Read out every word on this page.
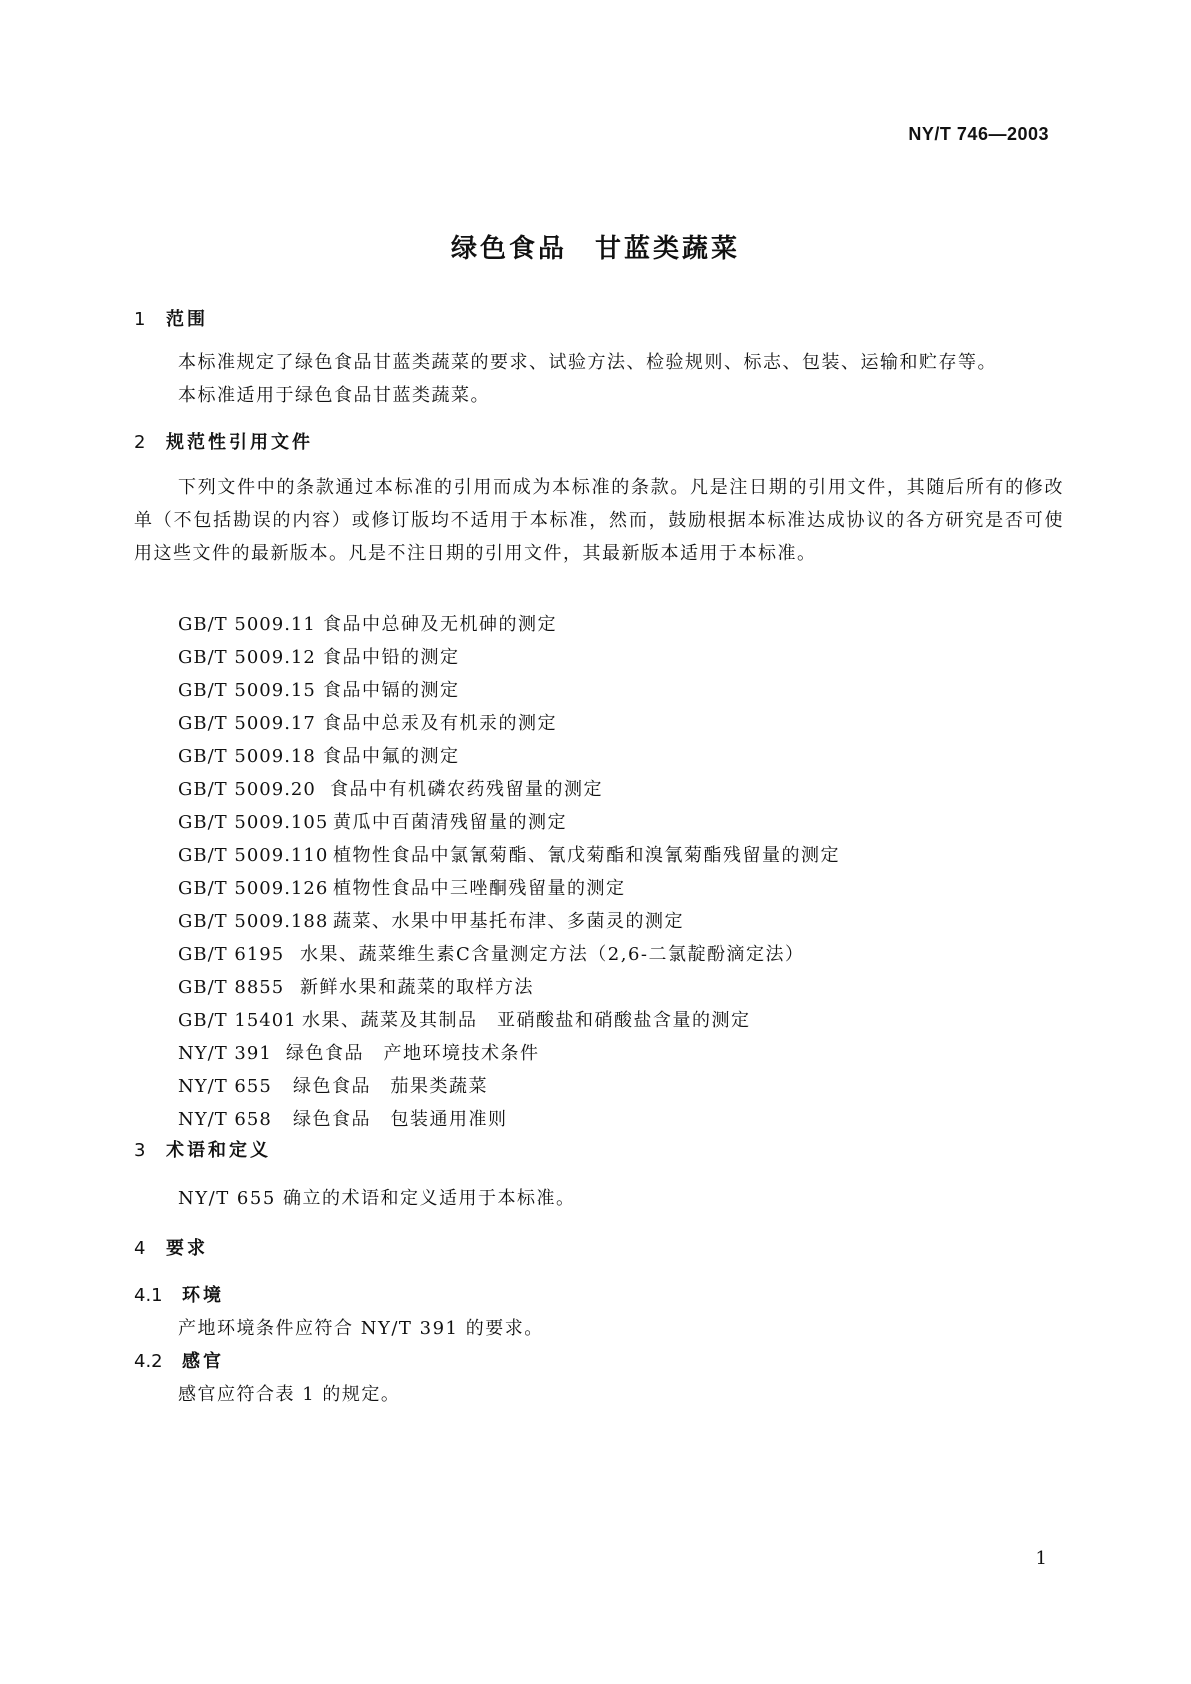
NY/T 746—2003
绿色食品 甘蓝类蔬菜
1 范围
本标准规定了绿色食品甘蓝类蔬菜的要求、试验方法、检验规则、标志、包装、运输和贮存等。
本标准适用于绿色食品甘蓝类蔬菜。
2 规范性引用文件
下列文件中的条款通过本标准的引用而成为本标准的条款。凡是注日期的引用文件，其随后所有的修改单（不包括勘误的内容）或修订版均不适用于本标准，然而，鼓励根据本标准达成协议的各方研究是否可使用这些文件的最新版本。凡是不注日期的引用文件，其最新版本适用于本标准。
GB/T 5009.11 食品中总砷及无机砷的测定
GB/T 5009.12 食品中铅的测定
GB/T 5009.15 食品中镉的测定
GB/T 5009.17 食品中总汞及有机汞的测定
GB/T 5009.18 食品中氟的测定
GB/T 5009.20 食品中有机磷农药残留量的测定
GB/T 5009.105 黄瓜中百菌清残留量的测定
GB/T 5009.110 植物性食品中氯氰菊酯、氰戊菊酯和溴氰菊酯残留量的测定
GB/T 5009.126 植物性食品中三唑酮残留量的测定
GB/T 5009.188 蔬菜、水果中甲基托布津、多菌灵的测定
GB/T 6195 水果、蔬菜维生素C含量测定方法（2,6-二氯靛酚滴定法）
GB/T 8855 新鲜水果和蔬菜的取样方法
GB/T 15401 水果、蔬菜及其制品　亚硝酸盐和硝酸盐含量的测定
NY/T 391 绿色食品　产地环境技术条件
NY/T 655 绿色食品　茄果类蔬菜
NY/T 658 绿色食品　包装通用准则
3 术语和定义
NY/T 655 确立的术语和定义适用于本标准。
4 要求
4.1 环境
产地环境条件应符合 NY/T 391 的要求。
4.2 感官
感官应符合表 1 的规定。
1
